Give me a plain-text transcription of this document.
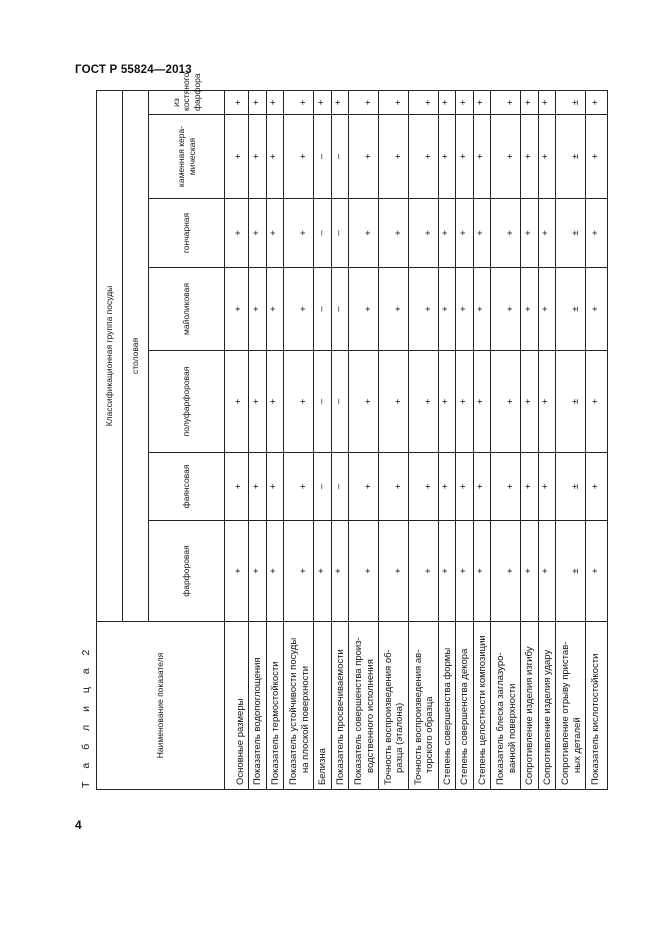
ГОСТ Р 55824—2013
Т а б л и ц а 2
4
Наименование показателя	Классификационная группа посуды						
	столовая						
	фарфоровая	фаянсовая	полуфарфоровая	майоликовая	гончарная	каменная кера-мическая	из костяного фарфора
Основные размеры	+	+	+	+	+	+	+
Показатель водопоглощения	+	+	+	+	+	+	+
Показатель термостойкости	+	+	+	+	+	+	+
Показатель устойчивости посуды на плоской поверхности	+	+	+	+	+	+	+
Белизна	+	–	–	–	–	–	+
Показатель просвечиваемости	+	–	–	–	–	–	+
Показатель совершенства произ-водственного исполнения	+	+	+	+	+	+	+
Точность воспроизведения об-разца (эталона)	+	+	+	+	+	+	+
Точность воспроизведения ав-торского образца	+	+	+	+	+	+	+
Степень совершенства формы	+	+	+	+	+	+	+
Степень совершенства декора	+	+	+	+	+	+	+
Степень целостности композиции	+	+	+	+	+	+	+
Показатель блеска заглазуро-ванной поверхности	+	+	+	+	+	+	+
Сопротивление изделия изгибу	+	+	+	+	+	+	+
Сопротивление изделия удару	+	+	+	+	+	+	+
Сопротивление отрыву пристав-ных деталей	±	±	±	±	±	±	±
Показатель кислотостойкости	+	+	+	+	+	+	+
